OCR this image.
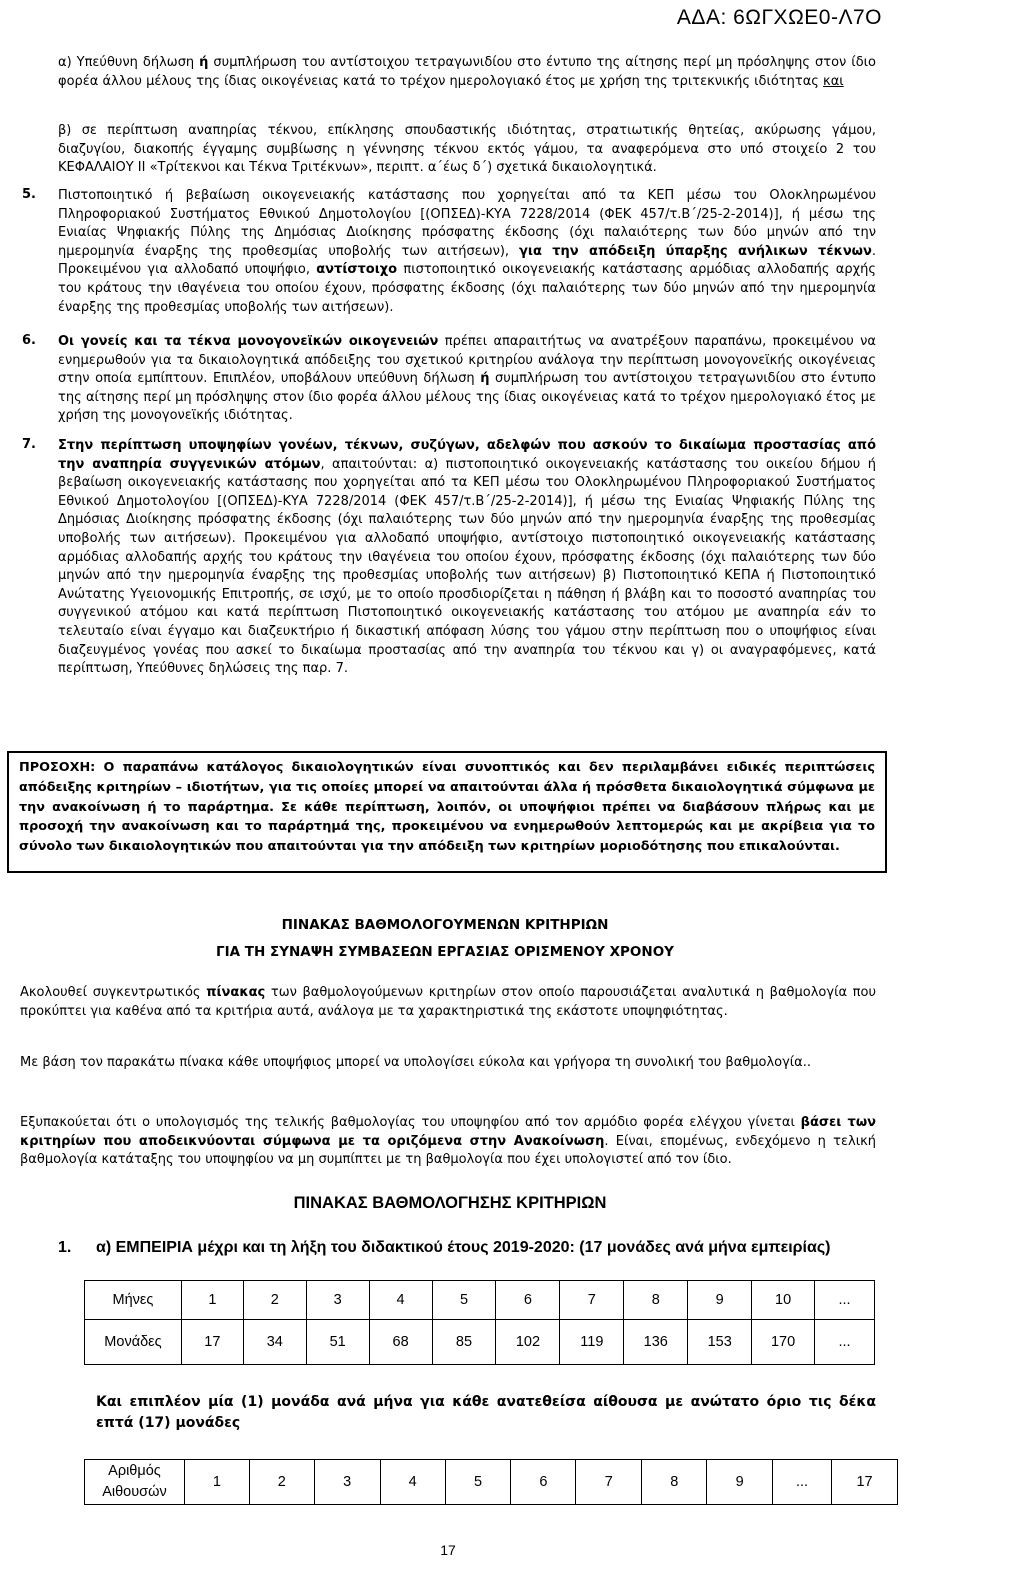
ΑΔΑ: 6ΩΓΧΩΕ0-Λ7Ο
α) Υπεύθυνη δήλωση ή συμπλήρωση του αντίστοιχου τετραγωνιδίου στο έντυπο της αίτησης περί μη πρόσληψης στον ίδιο φορέα άλλου μέλους της ίδιας οικογένειας κατά το τρέχον ημερολογιακό έτος με χρήση της τριτεκνικής ιδιότητας και
β) σε περίπτωση αναπηρίας τέκνου, επίκλησης σπουδαστικής ιδιότητας, στρατιωτικής θητείας, ακύρωσης γάμου, διαζυγίου, διακοπής έγγαμης συμβίωσης η γέννησης τέκνου εκτός γάμου, τα αναφερόμενα στο υπό στοιχείο 2 του ΚΕΦΑΛΑΙΟΥ ΙΙ «Τρίτεκνοι και Τέκνα Τριτέκνων», περιπτ. α΄έως δ΄) σχετικά δικαιολογητικά.
5. Πιστοποιητικό ή βεβαίωση οικογενειακής κατάστασης που χορηγείται από τα ΚΕΠ μέσω του Ολοκληρωμένου Πληροφοριακού Συστήματος Εθνικού Δημοτολογίου [(ΟΠΣΕΔ)-ΚΥΑ 7228/2014 (ΦΕΚ 457/τ.Β΄/25-2-2014)], ή μέσω της Ενιαίας Ψηφιακής Πύλης της Δημόσιας Διοίκησης πρόσφατης έκδοσης (όχι παλαιότερης των δύο μηνών από την ημερομηνία έναρξης της προθεσμίας υποβολής των αιτήσεων), για την απόδειξη ύπαρξης ανήλικων τέκνων. Προκειμένου για αλλοδαπό υποψήφιο, αντίστοιχο πιστοποιητικό οικογενειακής κατάστασης αρμόδιας αλλοδαπής αρχής του κράτους την ιθαγένεια του οποίου έχουν, πρόσφατης έκδοσης (όχι παλαιότερης των δύο μηνών από την ημερομηνία έναρξης της προθεσμίας υποβολής των αιτήσεων).
6. Οι γονείς και τα τέκνα μονογονεϊκών οικογενειών πρέπει απαραιτήτως να ανατρέξουν παραπάνω, προκειμένου να ενημερωθούν για τα δικαιολογητικά απόδειξης του σχετικού κριτηρίου ανάλογα την περίπτωση μονογονεϊκής οικογένειας στην οποία εμπίπτουν. Επιπλέον, υποβάλουν υπεύθυνη δήλωση ή συμπλήρωση του αντίστοιχου τετραγωνιδίου στο έντυπο της αίτησης περί μη πρόσληψης στον ίδιο φορέα άλλου μέλους της ίδιας οικογένειας κατά το τρέχον ημερολογιακό έτος με χρήση της μονογονεϊκής ιδιότητας.
7. Στην περίπτωση υποψηφίων γονέων, τέκνων, συζύγων, αδελφών που ασκούν το δικαίωμα προστασίας από την αναπηρία συγγενικών ατόμων, απαιτούνται: α) πιστοποιητικό οικογενειακής κατάστασης του οικείου δήμου ή βεβαίωση οικογενειακής κατάστασης που χορηγείται από τα ΚΕΠ μέσω του Ολοκληρωμένου Πληροφοριακού Συστήματος Εθνικού Δημοτολογίου [(ΟΠΣΕΔ)-ΚΥΑ 7228/2014 (ΦΕΚ 457/τ.Β΄/25-2-2014)], ή μέσω της Ενιαίας Ψηφιακής Πύλης της Δημόσιας Διοίκησης πρόσφατης έκδοσης (όχι παλαιότερης των δύο μηνών από την ημερομηνία έναρξης της προθεσμίας υποβολής των αιτήσεων). Προκειμένου για αλλοδαπό υποψήφιο, αντίστοιχο πιστοποιητικό οικογενειακής κατάστασης αρμόδιας αλλοδαπής αρχής του κράτους την ιθαγένεια του οποίου έχουν, πρόσφατης έκδοσης (όχι παλαιότερης των δύο μηνών από την ημερομηνία έναρξης της προθεσμίας υποβολής των αιτήσεων) β) Πιστοποιητικό ΚΕΠΑ ή Πιστοποιητικό Ανώτατης Υγειονομικής Επιτροπής, σε ισχύ, με το οποίο προσδιορίζεται η πάθηση ή βλάβη και το ποσοστό αναπηρίας του συγγενικού ατόμου και κατά περίπτωση Πιστοποιητικό οικογενειακής κατάστασης του ατόμου με αναπηρία εάν το τελευταίο είναι έγγαμο και διαζευκτήριο ή δικαστική απόφαση λύσης του γάμου στην περίπτωση που ο υποψήφιος είναι διαζευγμένος γονέας που ασκεί το δικαίωμα προστασίας από την αναπηρία του τέκνου και γ) οι αναγραφόμενες, κατά περίπτωση, Υπεύθυνες δηλώσεις της παρ. 7.
ΠΡΟΣΟΧΗ: Ο παραπάνω κατάλογος δικαιολογητικών είναι συνοπτικός και δεν περιλαμβάνει ειδικές περιπτώσεις απόδειξης κριτηρίων – ιδιοτήτων, για τις οποίες μπορεί να απαιτούνται άλλα ή πρόσθετα δικαιολογητικά σύμφωνα με την ανακοίνωση ή το παράρτημα. Σε κάθε περίπτωση, λοιπόν, οι υποψήφιοι πρέπει να διαβάσουν πλήρως και με προσοχή την ανακοίνωση και το παράρτημά της, προκειμένου να ενημερωθούν λεπτομερώς και με ακρίβεια για το σύνολο των δικαιολογητικών που απαιτούνται για την απόδειξη των κριτηρίων μοριοδότησης που επικαλούνται.
ΠΙΝΑΚΑΣ ΒΑΘΜΟΛΟΓΟΥΜΕΝΩΝ ΚΡΙΤΗΡΙΩΝ
ΓΙΑ ΤΗ ΣΥΝΑΨΗ ΣΥΜΒΑΣΕΩΝ ΕΡΓΑΣΙΑΣ ΟΡΙΣΜΕΝΟΥ ΧΡΟΝΟΥ
Ακολουθεί συγκεντρωτικός πίνακας των βαθμολογούμενων κριτηρίων στον οποίο παρουσιάζεται αναλυτικά η βαθμολογία που προκύπτει για καθένα από τα κριτήρια αυτά, ανάλογα με τα χαρακτηριστικά της εκάστοτε υποψηφιότητας.
Με βάση τον παρακάτω πίνακα κάθε υποψήφιος μπορεί να υπολογίσει εύκολα και γρήγορα τη συνολική του βαθμολογία..
Εξυπακούεται ότι ο υπολογισμός της τελικής βαθμολογίας του υποψηφίου από τον αρμόδιο φορέα ελέγχου γίνεται βάσει των κριτηρίων που αποδεικνύονται σύμφωνα με τα οριζόμενα στην Ανακοίνωση. Είναι, επομένως, ενδεχόμενο η τελική βαθμολογία κατάταξης του υποψηφίου να μη συμπίπτει με τη βαθμολογία που έχει υπολογιστεί από τον ίδιο.
ΠΙΝΑΚΑΣ ΒΑΘΜΟΛΟΓΗΣΗΣ ΚΡΙΤΗΡΙΩΝ
1. α) ΕΜΠΕΙΡΙΑ μέχρι και τη λήξη του διδακτικού έτους 2019-2020: (17 μονάδες ανά μήνα εμπειρίας)
Μήνες	1	2	3	4	5	6	7	8	9	10	...
Μονάδες	17	34	51	68	85	102	119	136	153	170	...
Και επιπλέον μία (1) μονάδα ανά μήνα για κάθε ανατεθείσα αίθουσα με ανώτατο όριο τις δέκα επτά (17) μονάδες
Αριθμός
Αιθουσών	1	2	3	4	5	6	7	8	9	...	17
17
